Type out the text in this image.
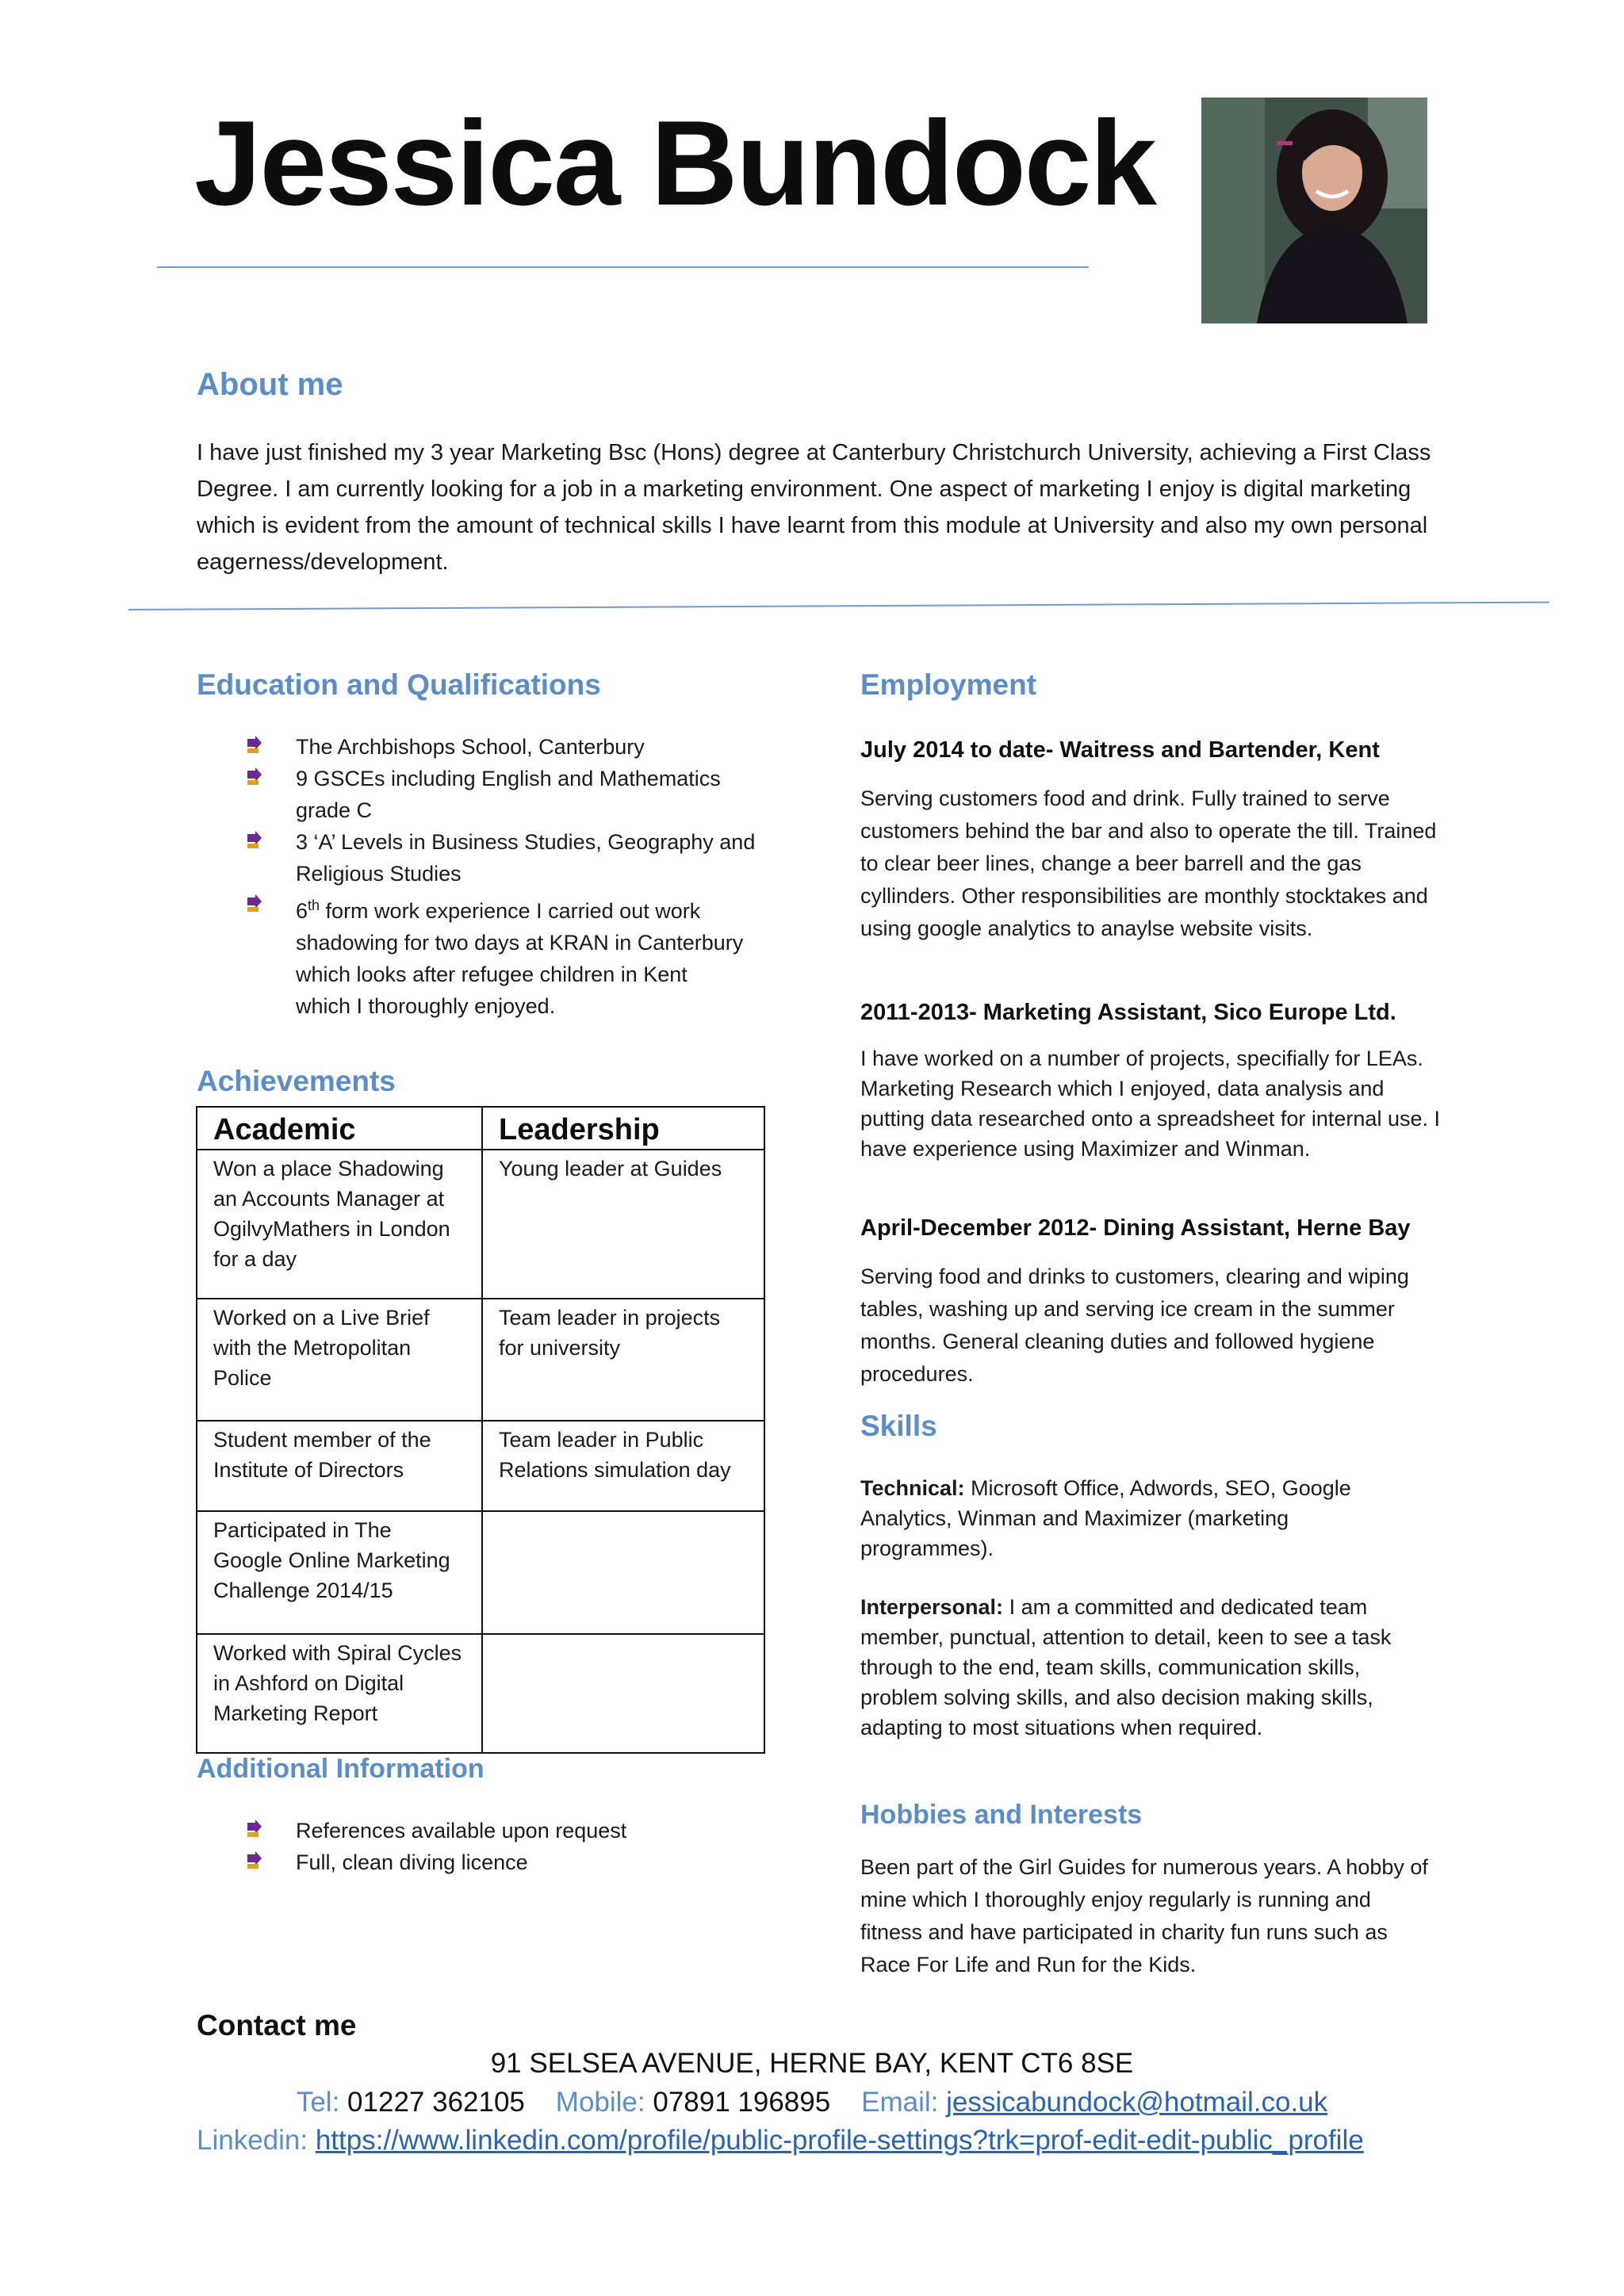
Jessica Bundock
About me
I have just finished my 3 year Marketing Bsc (Hons) degree at Canterbury Christchurch University, achieving a First Class Degree. I am currently looking for a job in a marketing environment. One aspect of marketing I enjoy is digital marketing which is evident from the amount of technical skills I have learnt from this module at University and also my own personal eagerness/development.
Education and Qualifications
The Archbishops School, Canterbury
9 GSCEs including English and Mathematics
grade C
3 ‘A’ Levels in Business Studies, Geography and
Religious Studies
6th form work experience I carried out work
shadowing for two days at KRAN in Canterbury
which looks after refugee children in Kent
which I thoroughly enjoyed.
Achievements
Academic	Leadership
Won a place Shadowing an Accounts Manager at OgilvyMathers in London for a day	Young leader at Guides
Worked on a Live Brief with the Metropolitan Police	Team leader in projects for university
Student member of the Institute of Directors	Team leader in Public Relations simulation day
Participated in The Google Online Marketing Challenge 2014/15	
Worked with Spiral Cycles in Ashford on Digital Marketing Report	
Additional Information
References available upon request
Full, clean diving licence
Employment
July 2014 to date- Waitress and Bartender, Kent
Serving customers food and drink. Fully trained to serve customers behind the bar and also to operate the till. Trained to clear beer lines, change a beer barrell and the gas cyllinders. Other responsibilities are monthly stocktakes and using google analytics to anaylse website visits.
2011-2013- Marketing Assistant, Sico Europe Ltd.
I have worked on a number of projects, specifially for LEAs. Marketing Research which I enjoyed, data analysis and putting data researched onto a spreadsheet for internal use. I have experience using Maximizer and Winman.
April-December 2012- Dining Assistant, Herne Bay
Serving food and drinks to customers, clearing and wiping tables, washing up and serving ice cream in the summer months. General cleaning duties and followed hygiene procedures.
Skills
Technical: Microsoft Office, Adwords, SEO, Google Analytics, Winman and Maximizer (marketing programmes).
Interpersonal: I am a committed and dedicated team member, punctual, attention to detail, keen to see a task through to the end, team skills, communication skills, problem solving skills, and also decision making skills, adapting to most situations when required.
Hobbies and Interests
Been part of the Girl Guides for numerous years. A hobby of mine which I thoroughly enjoy regularly is running and fitness and have participated in charity fun runs such as Race For Life and Run for the Kids.
Contact me
91 SELSEA AVENUE, HERNE BAY, KENT CT6 8SE
Tel: 01227 362105 Mobile: 07891 196895 Email: jessicabundock@hotmail.co.uk
Linkedin: https://www.linkedin.com/profile/public-profile-settings?trk=prof-edit-edit-public_profile
